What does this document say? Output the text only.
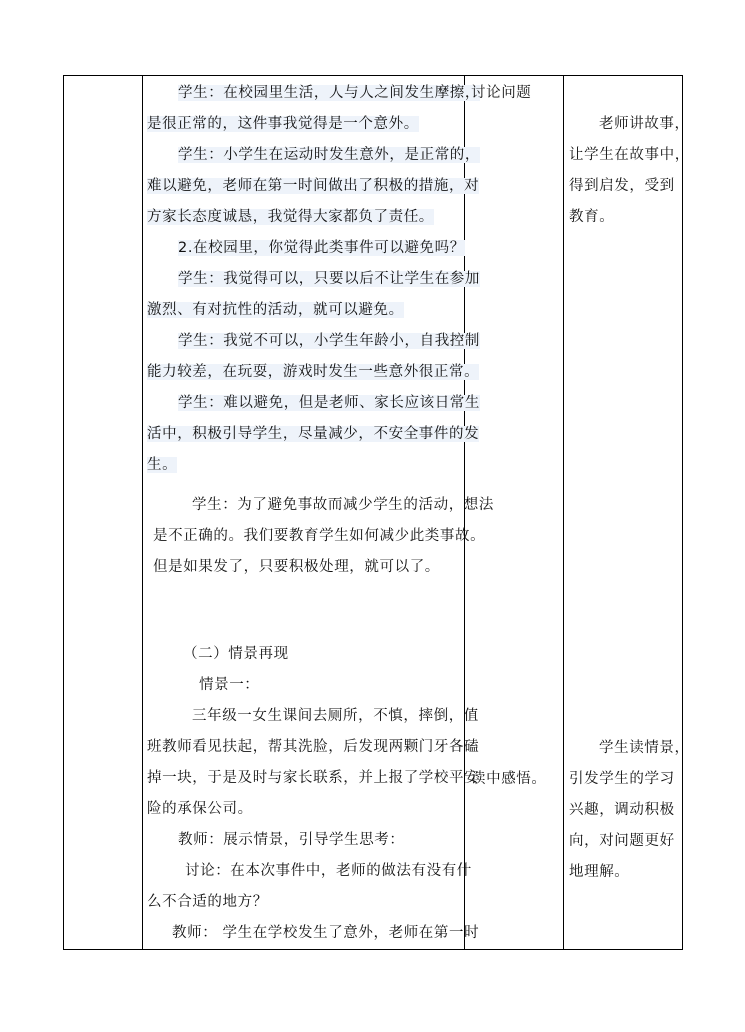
学生：在校园里生活，人与人之间发生摩擦，
是很正常的，这件事我觉得是一个意外。
学生：小学生在运动时发生意外，是正常的，
难以避免，老师在第一时间做出了积极的措施，对
方家长态度诚恳，我觉得大家都负了责任。
2.在校园里，你觉得此类事件可以避免吗？
学生：我觉得可以，只要以后不让学生在参加
激烈、有对抗性的活动，就可以避免。
学生：我觉不可以，小学生年龄小，自我控制
能力较差，在玩耍，游戏时发生一些意外很正常。
学生：难以避免，但是老师、家长应该日常生
活中，积极引导学生，尽量减少，不安全事件的发
生。
学生：为了避免事故而减少学生的活动，想法
是不正确的。我们要教育学生如何减少此类事故。
但是如果发了，只要积极处理，就可以了。
（二）情景再现
情景一：
三年级一女生课间去厕所，不慎，摔倒，值
班教师看见扶起，帮其洗脸，后发现两颗门牙各磕
掉一块，于是及时与家长联系，并上报了学校平安
险的承保公司。
教师：展示情景，引导学生思考：
讨论：在本次事件中，老师的做法有没有什
么不合适的地方？
教师： 学生在学校发生了意外，老师在第一时
讨论问题
读中感悟。
老师讲故事，
让学生在故事中，
得到启发，受到
教育。
学生读情景，
引发学生的学习
兴趣，调动积极
向，对问题更好
地理解。
